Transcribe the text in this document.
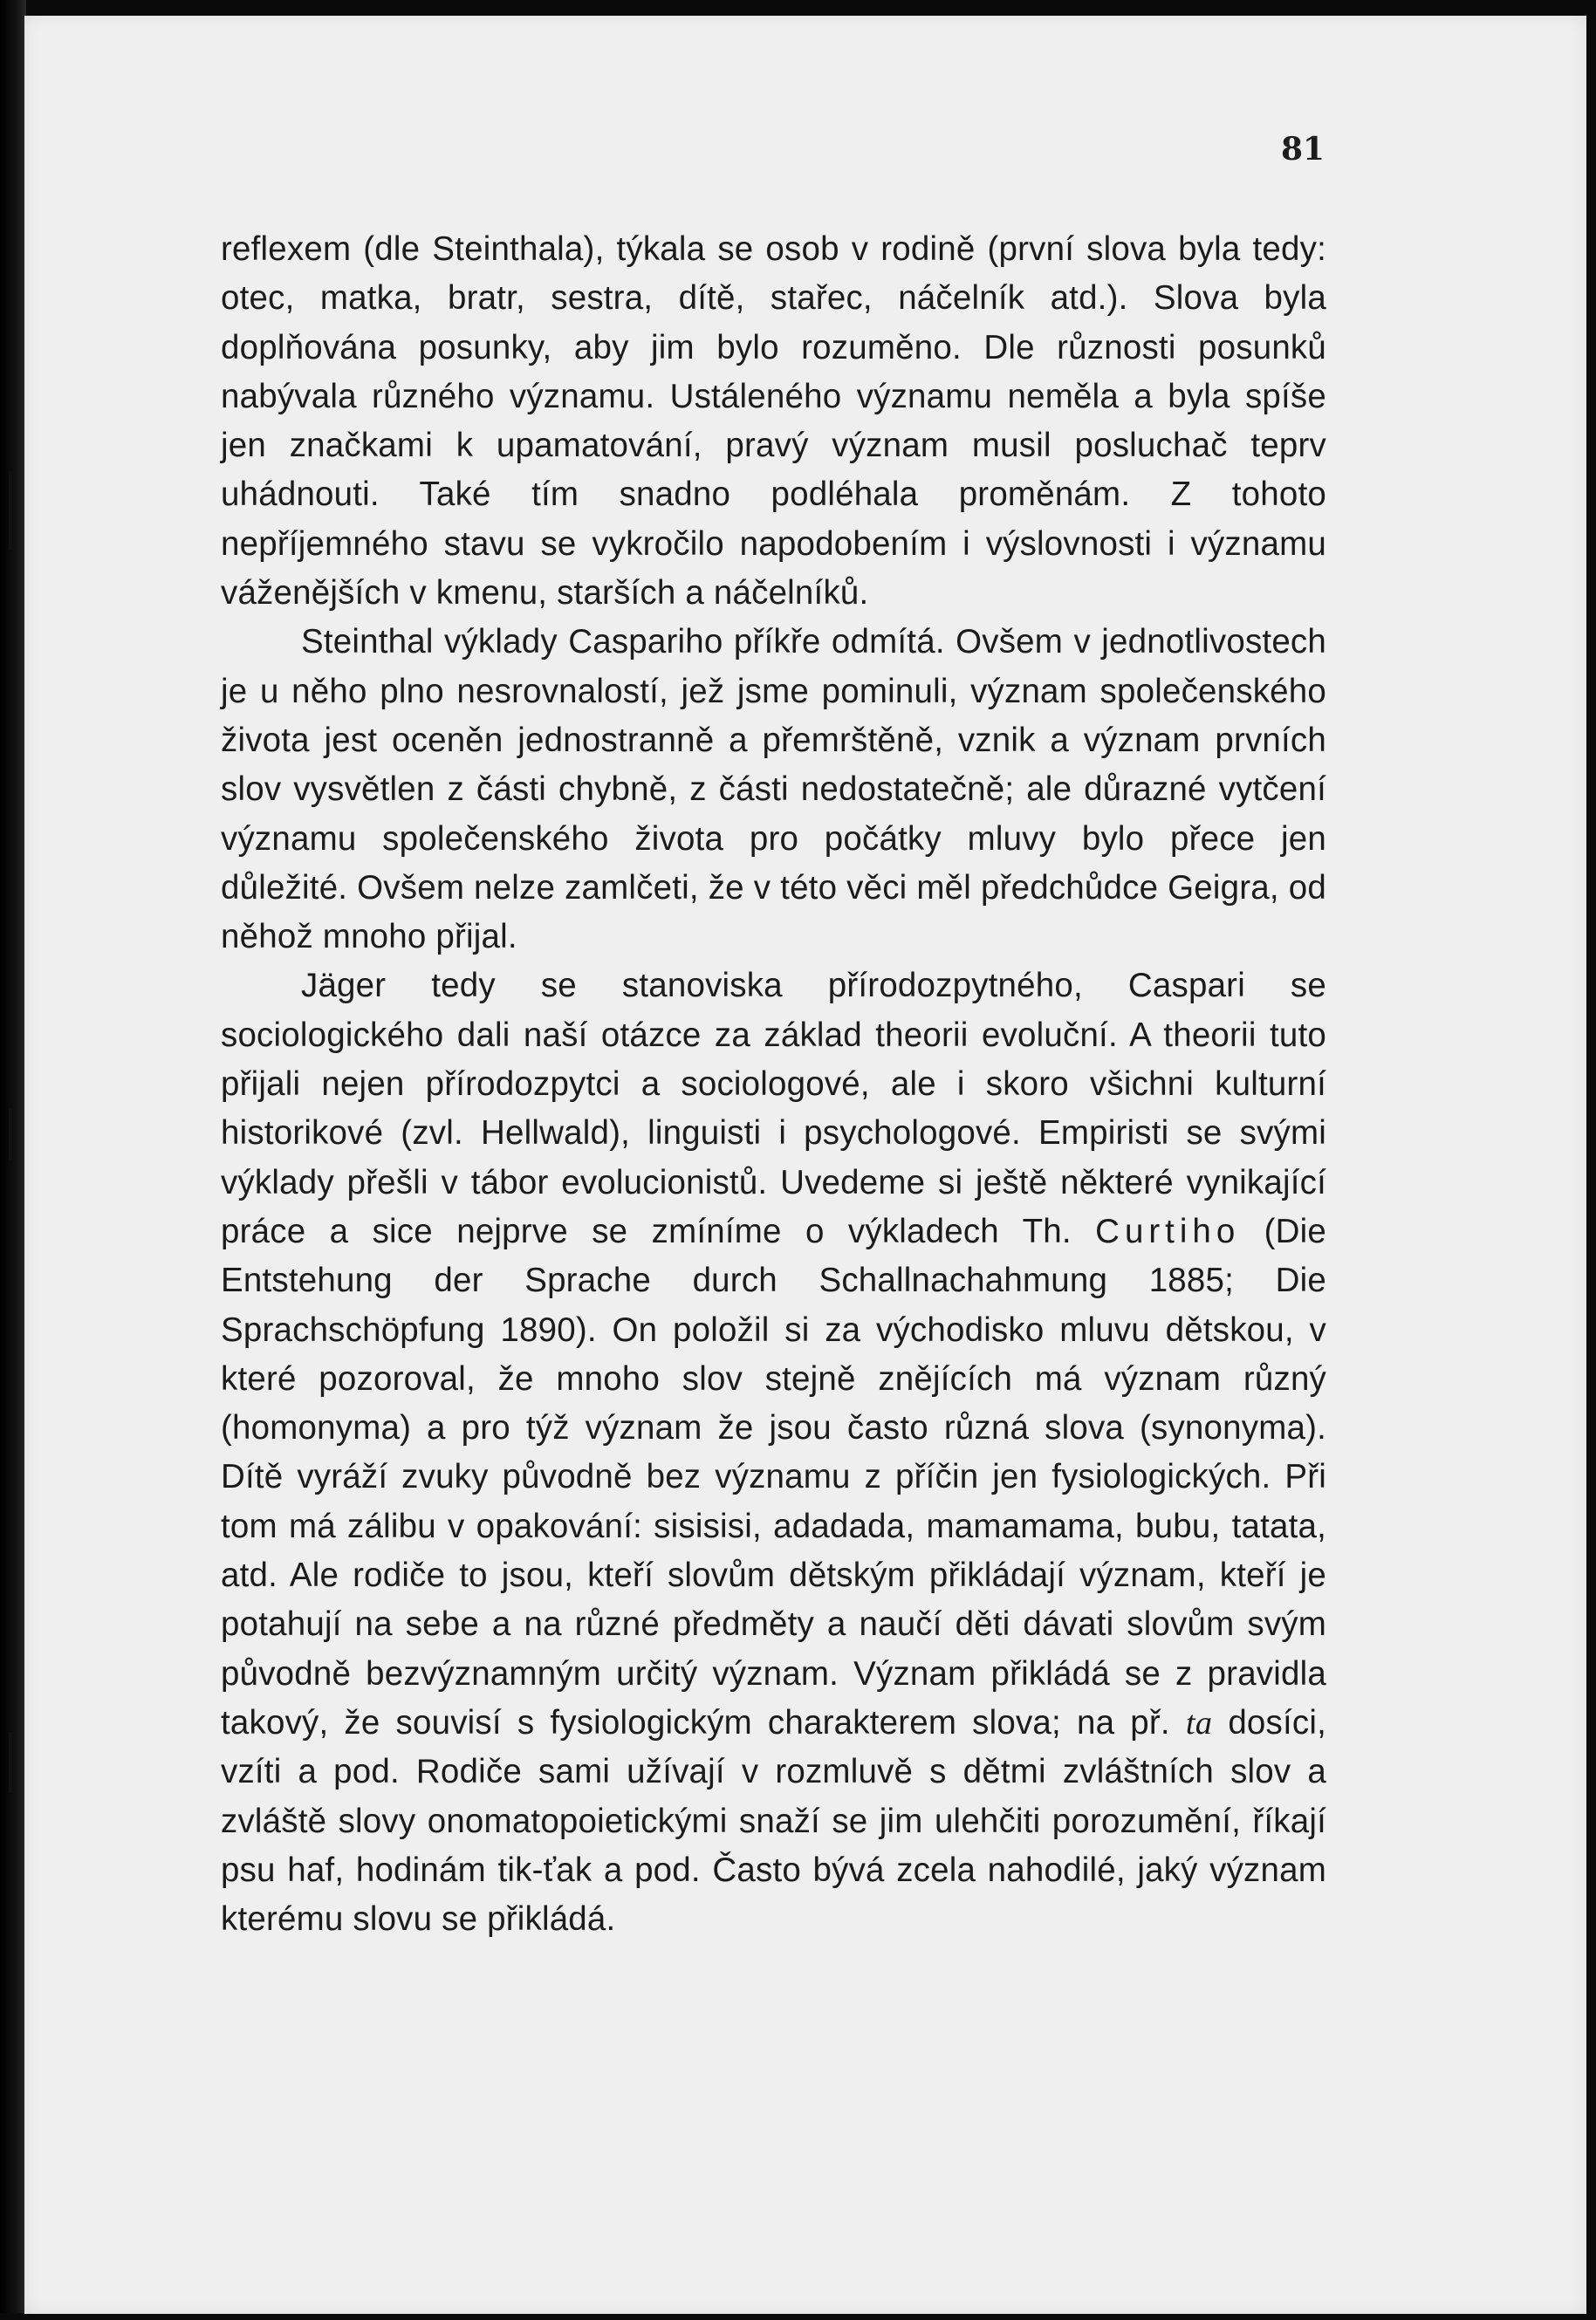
81

reflexem (dle Steinthala), týkala se osob v rodině (první slova byla tedy: otec, matka, bratr, sestra, dítě, stařec, náčelník atd.). Slova byla doplňována posunky, aby jim bylo rozuměno. Dle různosti posunků nabývala různého významu. Ustáleného významu neměla a byla spíše jen značkami k upamatování, pravý význam musil posluchač teprv uhádnouti. Také tím snadno podléhala proměnám. Z tohoto nepříjemného stavu se vykročilo napodobením i výslovnosti i významu váženějších v kmenu, starších a náčelníků.

Steinthal výklady Caspariho příkře odmítá. Ovšem v jednotlivostech je u něho plno nesrovnalostí, jež jsme pominuli, význam společenského života jest oceněn jednostranně a přemrštěně, vznik a význam prvních slov vysvětlen z části chybně, z části nedostatečně; ale důrazné vytčení významu společenského života pro počátky mluvy bylo přece jen důležité. Ovšem nelze zamlčeti, že v této věci měl předchůdce Geigra, od něhož mnoho přijal.

Jäger tedy se stanoviska přírodozpytného, Caspari se sociologického dali naší otázce za základ theorii evoluční. A theorii tuto přijali nejen přírodozpytci a sociologové, ale i skoro všichni kulturní historikové (zvl. Hellwald), linguisti i psychologové. Empiristi se svými výklady přešli v tábor evolucionistů. Uvedeme si ještě některé vynikající práce a sice nejprve se zmíníme o výkladech Th. Curtiho (Die Entstehung der Sprache durch Schallnachahmung 1885; Die Sprachschöpfung 1890). On položil si za východisko mluvu dětskou, v které pozoroval, že mnoho slov stejně znějících má význam různý (homonyma) a pro týž význam že jsou často různá slova (synonyma). Dítě vyráží zvuky původně bez významu z příčin jen fysiologických. Při tom má zálibu v opakování: sisisisi, adadada, mamamama, bubu, tatata, atd. Ale rodiče to jsou, kteří slovům dětským přikládají význam, kteří je potahují na sebe a na různé předměty a naučí děti dávati slovům svým původně bezvýznamným určitý význam. Význam přikládá se z pravidla takový, že souvisí s fysiologickým charakterem slova; na př. ta dosíci, vzíti a pod. Rodiče sami užívají v rozmluvě s dětmi zvláštních slov a zvláště slovy onomatopoietickými snaží se jim ulehčiti porozumění, říkají psu haf, hodinám tik-ťak a pod. Často bývá zcela nahodilé, jaký význam kterému slovu se přikládá.
